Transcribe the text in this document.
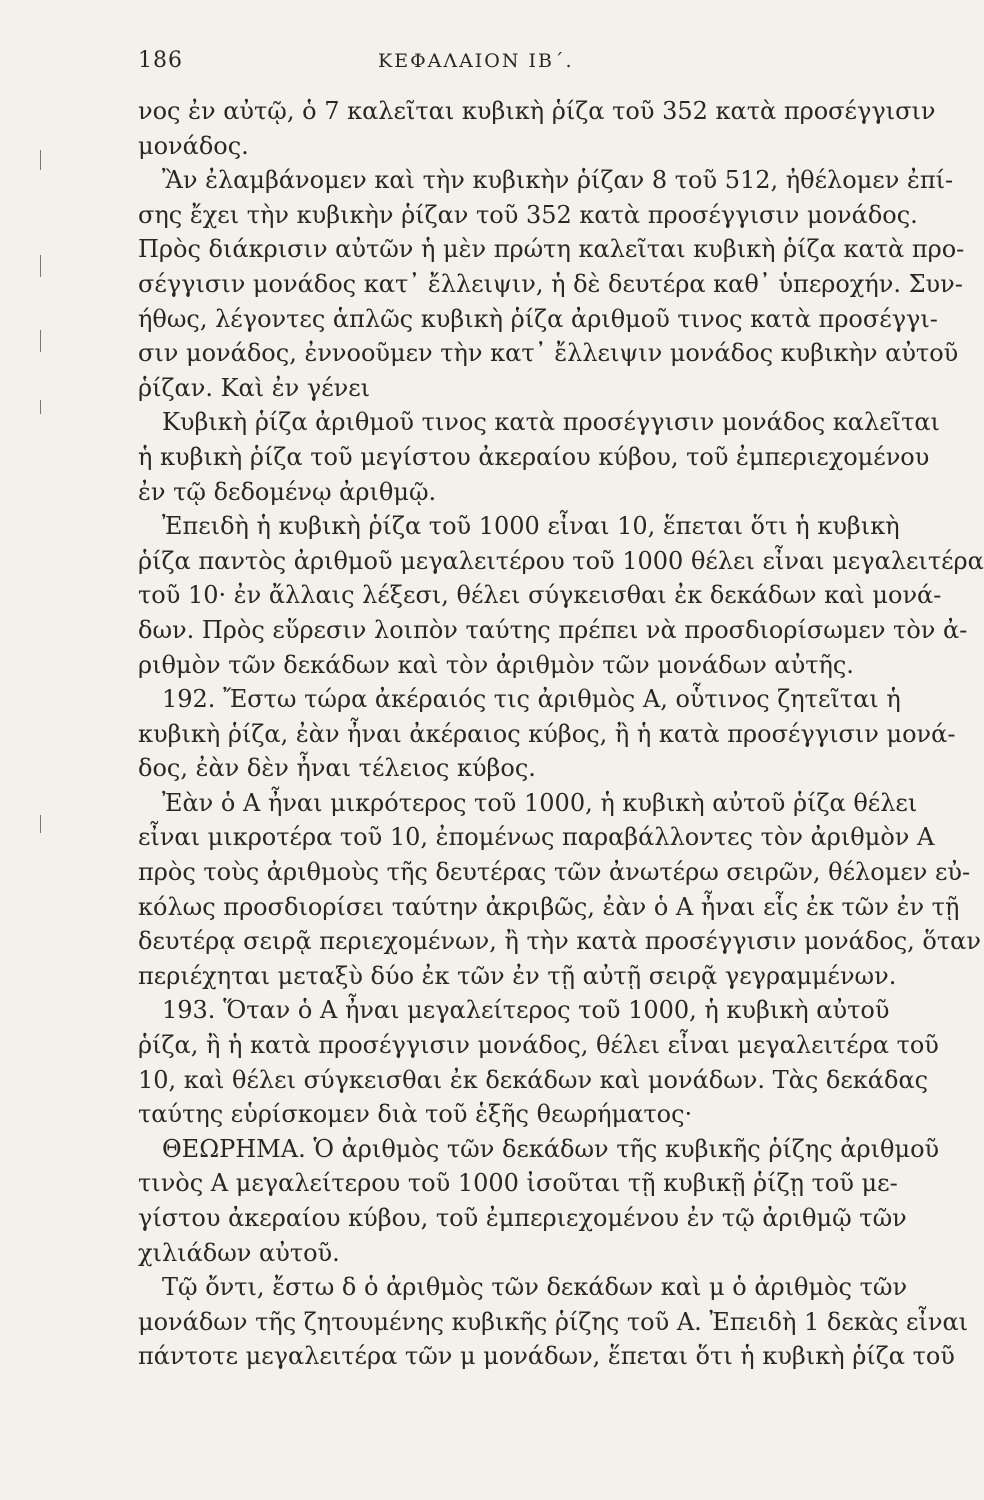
186	ΚΕΦΑΛΑΙΟΝ ΙΒ΄.
νος ἐν αὐτῷ, ὁ 7 καλεῖται κυβικὴ ῥίζα τοῦ 352 κατὰ προσέγγισιν
μονάδος.
Ἂν ἐλαμβάνομεν καὶ τὴν κυβικὴν ῥίζαν 8 τοῦ 512, ἠθέλομεν ἐπί-
σης ἔχει τὴν κυβικὴν ῥίζαν τοῦ 352 κατὰ προσέγγισιν μονάδος.
Πρὸς διάκρισιν αὐτῶν ἡ μὲν πρώτη καλεῖται κυβικὴ ῥίζα κατὰ προ-
σέγγισιν μονάδος κατ᾽ ἔλλειψιν, ἡ δὲ δευτέρα καθ᾽ ὑπεροχήν. Συν-
ήθως, λέγοντες ἁπλῶς κυβικὴ ῥίζα ἀριθμοῦ τινος κατὰ προσέγγι-
σιν μονάδος, ἐννοοῦμεν τὴν κατ᾽ ἔλλειψιν μονάδος κυβικὴν αὐτοῦ
ῥίζαν. Καὶ ἐν γένει
Κυβικὴ ῥίζα ἀριθμοῦ τινος κατὰ προσέγγισιν μονάδος καλεῖται
ἡ κυβικὴ ῥίζα τοῦ μεγίστου ἀκεραίου κύβου, τοῦ ἐμπεριεχομένου
ἐν τῷ δεδομένῳ ἀριθμῷ.
Ἐπειδὴ ἡ κυβικὴ ῥίζα τοῦ 1000 εἶναι 10, ἕπεται ὅτι ἡ κυβικὴ
ῥίζα παντὸς ἀριθμοῦ μεγαλειτέρου τοῦ 1000 θέλει εἶναι μεγαλειτέρα
τοῦ 10· ἐν ἄλλαις λέξεσι, θέλει σύγκεισθαι ἐκ δεκάδων καὶ μονά-
δων. Πρὸς εὕρεσιν λοιπὸν ταύτης πρέπει νὰ προσδιορίσωμεν τὸν ἀ-
ριθμὸν τῶν δεκάδων καὶ τὸν ἀριθμὸν τῶν μονάδων αὐτῆς.
192. Ἔστω τώρα ἀκέραιός τις ἀριθμὸς Α, οὗτινος ζητεῖται ἡ
κυβικὴ ῥίζα, ἐὰν ἦναι ἀκέραιος κύβος, ἢ ἡ κατὰ προσέγγισιν μονά-
δος, ἐὰν δὲν ἦναι τέλειος κύβος.
Ἐὰν ὁ Α ἦναι μικρότερος τοῦ 1000, ἡ κυβικὴ αὐτοῦ ῥίζα θέλει
εἶναι μικροτέρα τοῦ 10, ἐπομένως παραβάλλοντες τὸν ἀριθμὸν Α
πρὸς τοὺς ἀριθμοὺς τῆς δευτέρας τῶν ἀνωτέρω σειρῶν, θέλομεν εὐ-
κόλως προσδιορίσει ταύτην ἀκριβῶς, ἐὰν ὁ Α ἦναι εἷς ἐκ τῶν ἐν τῇ
δευτέρᾳ σειρᾷ περιεχομένων, ἢ τὴν κατὰ προσέγγισιν μονάδος, ὅταν
περιέχηται μεταξὺ δύο ἐκ τῶν ἐν τῇ αὐτῇ σειρᾷ γεγραμμένων.
193. Ὅταν ὁ Α ἦναι μεγαλείτερος τοῦ 1000, ἡ κυβικὴ αὐτοῦ
ῥίζα, ἢ ἡ κατὰ προσέγγισιν μονάδος, θέλει εἶναι μεγαλειτέρα τοῦ
10, καὶ θέλει σύγκεισθαι ἐκ δεκάδων καὶ μονάδων. Τὰς δεκάδας
ταύτης εὑρίσκομεν διὰ τοῦ ἑξῆς θεωρήματος·
ΘΕΩΡΗΜΑ. Ὁ ἀριθμὸς τῶν δεκάδων τῆς κυβικῆς ῥίζης ἀριθμοῦ
τινὸς Α μεγαλείτερου τοῦ 1000 ἰσοῦται τῇ κυβικῇ ῥίζῃ τοῦ με-
γίστου ἀκεραίου κύβου, τοῦ ἐμπεριεχομένου ἐν τῷ ἀριθμῷ τῶν
χιλιάδων αὐτοῦ.
Τῷ ὄντι, ἔστω δ ὁ ἀριθμὸς τῶν δεκάδων καὶ μ ὁ ἀριθμὸς τῶν
μονάδων τῆς ζητουμένης κυβικῆς ῥίζης τοῦ Α. Ἐπειδὴ 1 δεκὰς εἶναι
πάντοτε μεγαλειτέρα τῶν μ μονάδων, ἕπεται ὅτι ἡ κυβικὴ ῥίζα τοῦ
